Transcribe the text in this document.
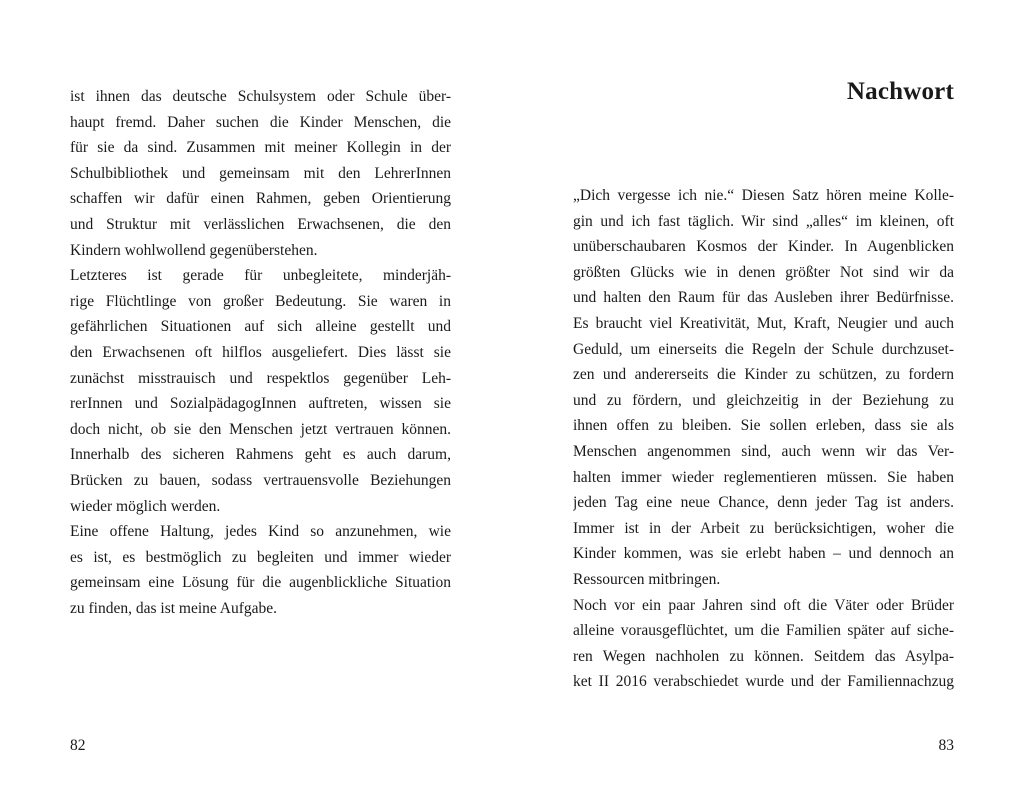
ist ihnen das deutsche Schulsystem oder Schule über-
haupt fremd. Daher suchen die Kinder Menschen, die
für sie da sind. Zusammen mit meiner Kollegin in der
Schulbibliothek und gemeinsam mit den LehrerInnen
schaffen wir dafür einen Rahmen, geben Orientierung
und Struktur mit verlässlichen Erwachsenen, die den
Kindern wohlwollend gegenüberstehen.
Letzteres ist gerade für unbegleitete, minderjäh-
rige Flüchtlinge von großer Bedeutung. Sie waren in
gefährlichen Situationen auf sich alleine gestellt und
den Erwachsenen oft hilflos ausgeliefert. Dies lässt sie
zunächst misstrauisch und respektlos gegenüber Leh-
rerInnen und SozialpädagogInnen auftreten, wissen sie
doch nicht, ob sie den Menschen jetzt vertrauen können.
Innerhalb des sicheren Rahmens geht es auch darum,
Brücken zu bauen, sodass vertrauensvolle Beziehungen
wieder möglich werden.
Eine offene Haltung, jedes Kind so anzunehmen, wie
es ist, es bestmöglich zu begleiten und immer wieder
gemeinsam eine Lösung für die augenblickliche Situation
zu finden, das ist meine Aufgabe.
82
Nachwort
„Dich vergesse ich nie.“ Diesen Satz hören meine Kolle-
gin und ich fast täglich. Wir sind „alles“ im kleinen, oft
unüberschaubaren Kosmos der Kinder. In Augenblicken
größten Glücks wie in denen größter Not sind wir da
und halten den Raum für das Ausleben ihrer Bedürfnisse.
Es braucht viel Kreativität, Mut, Kraft, Neugier und auch
Geduld, um einerseits die Regeln der Schule durchzuset-
zen und andererseits die Kinder zu schützen, zu fordern
und zu fördern, und gleichzeitig in der Beziehung zu
ihnen offen zu bleiben. Sie sollen erleben, dass sie als
Menschen angenommen sind, auch wenn wir das Ver-
halten immer wieder reglementieren müssen. Sie haben
jeden Tag eine neue Chance, denn jeder Tag ist anders.
Immer ist in der Arbeit zu berücksichtigen, woher die
Kinder kommen, was sie erlebt haben – und dennoch an
Ressourcen mitbringen.
Noch vor ein paar Jahren sind oft die Väter oder Brüder
alleine vorausgeflüchtet, um die Familien später auf siche-
ren Wegen nachholen zu können. Seitdem das Asylpa-
ket II 2016 verabschiedet wurde und der Familiennachzug
83
